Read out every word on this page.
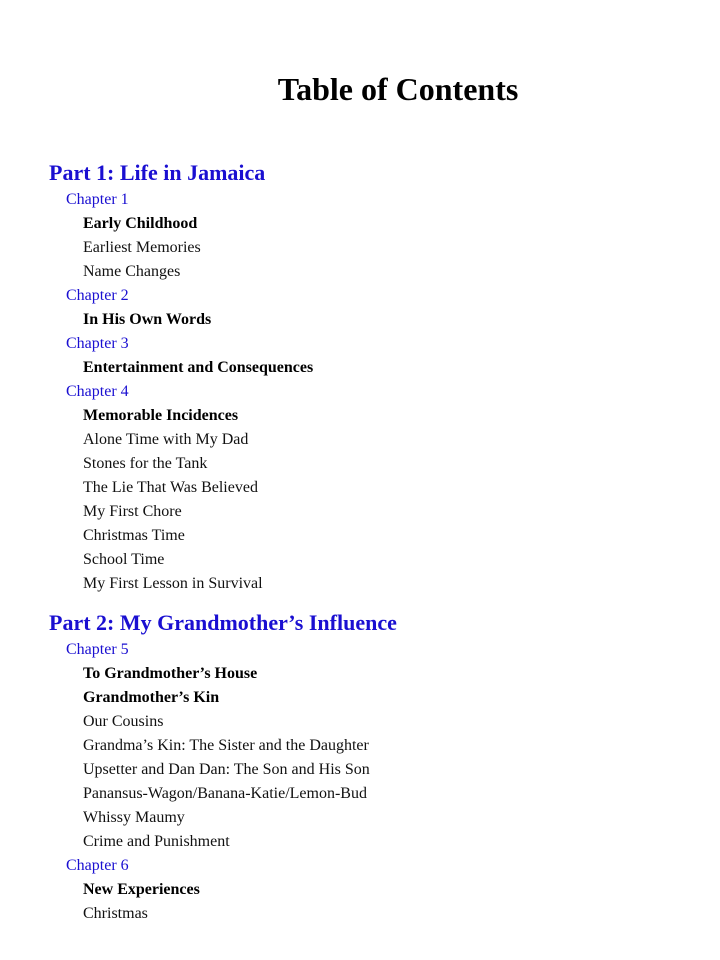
Table of Contents
Part 1: Life in Jamaica
Chapter 1
Early Childhood
Earliest Memories
Name Changes
Chapter 2
In His Own Words
Chapter 3
Entertainment and Consequences
Chapter 4
Memorable Incidences
Alone Time with My Dad
Stones for the Tank
The Lie That Was Believed
My First Chore
Christmas Time
School Time
My First Lesson in Survival
Part 2: My Grandmother’s Influence
Chapter 5
To Grandmother’s House
Grandmother’s Kin
Our Cousins
Grandma’s Kin: The Sister and the Daughter
Upsetter and Dan Dan: The Son and His Son
Panansus-Wagon/Banana-Katie/Lemon-Bud
Whissy Maumy
Crime and Punishment
Chapter 6
New Experiences
Christmas
